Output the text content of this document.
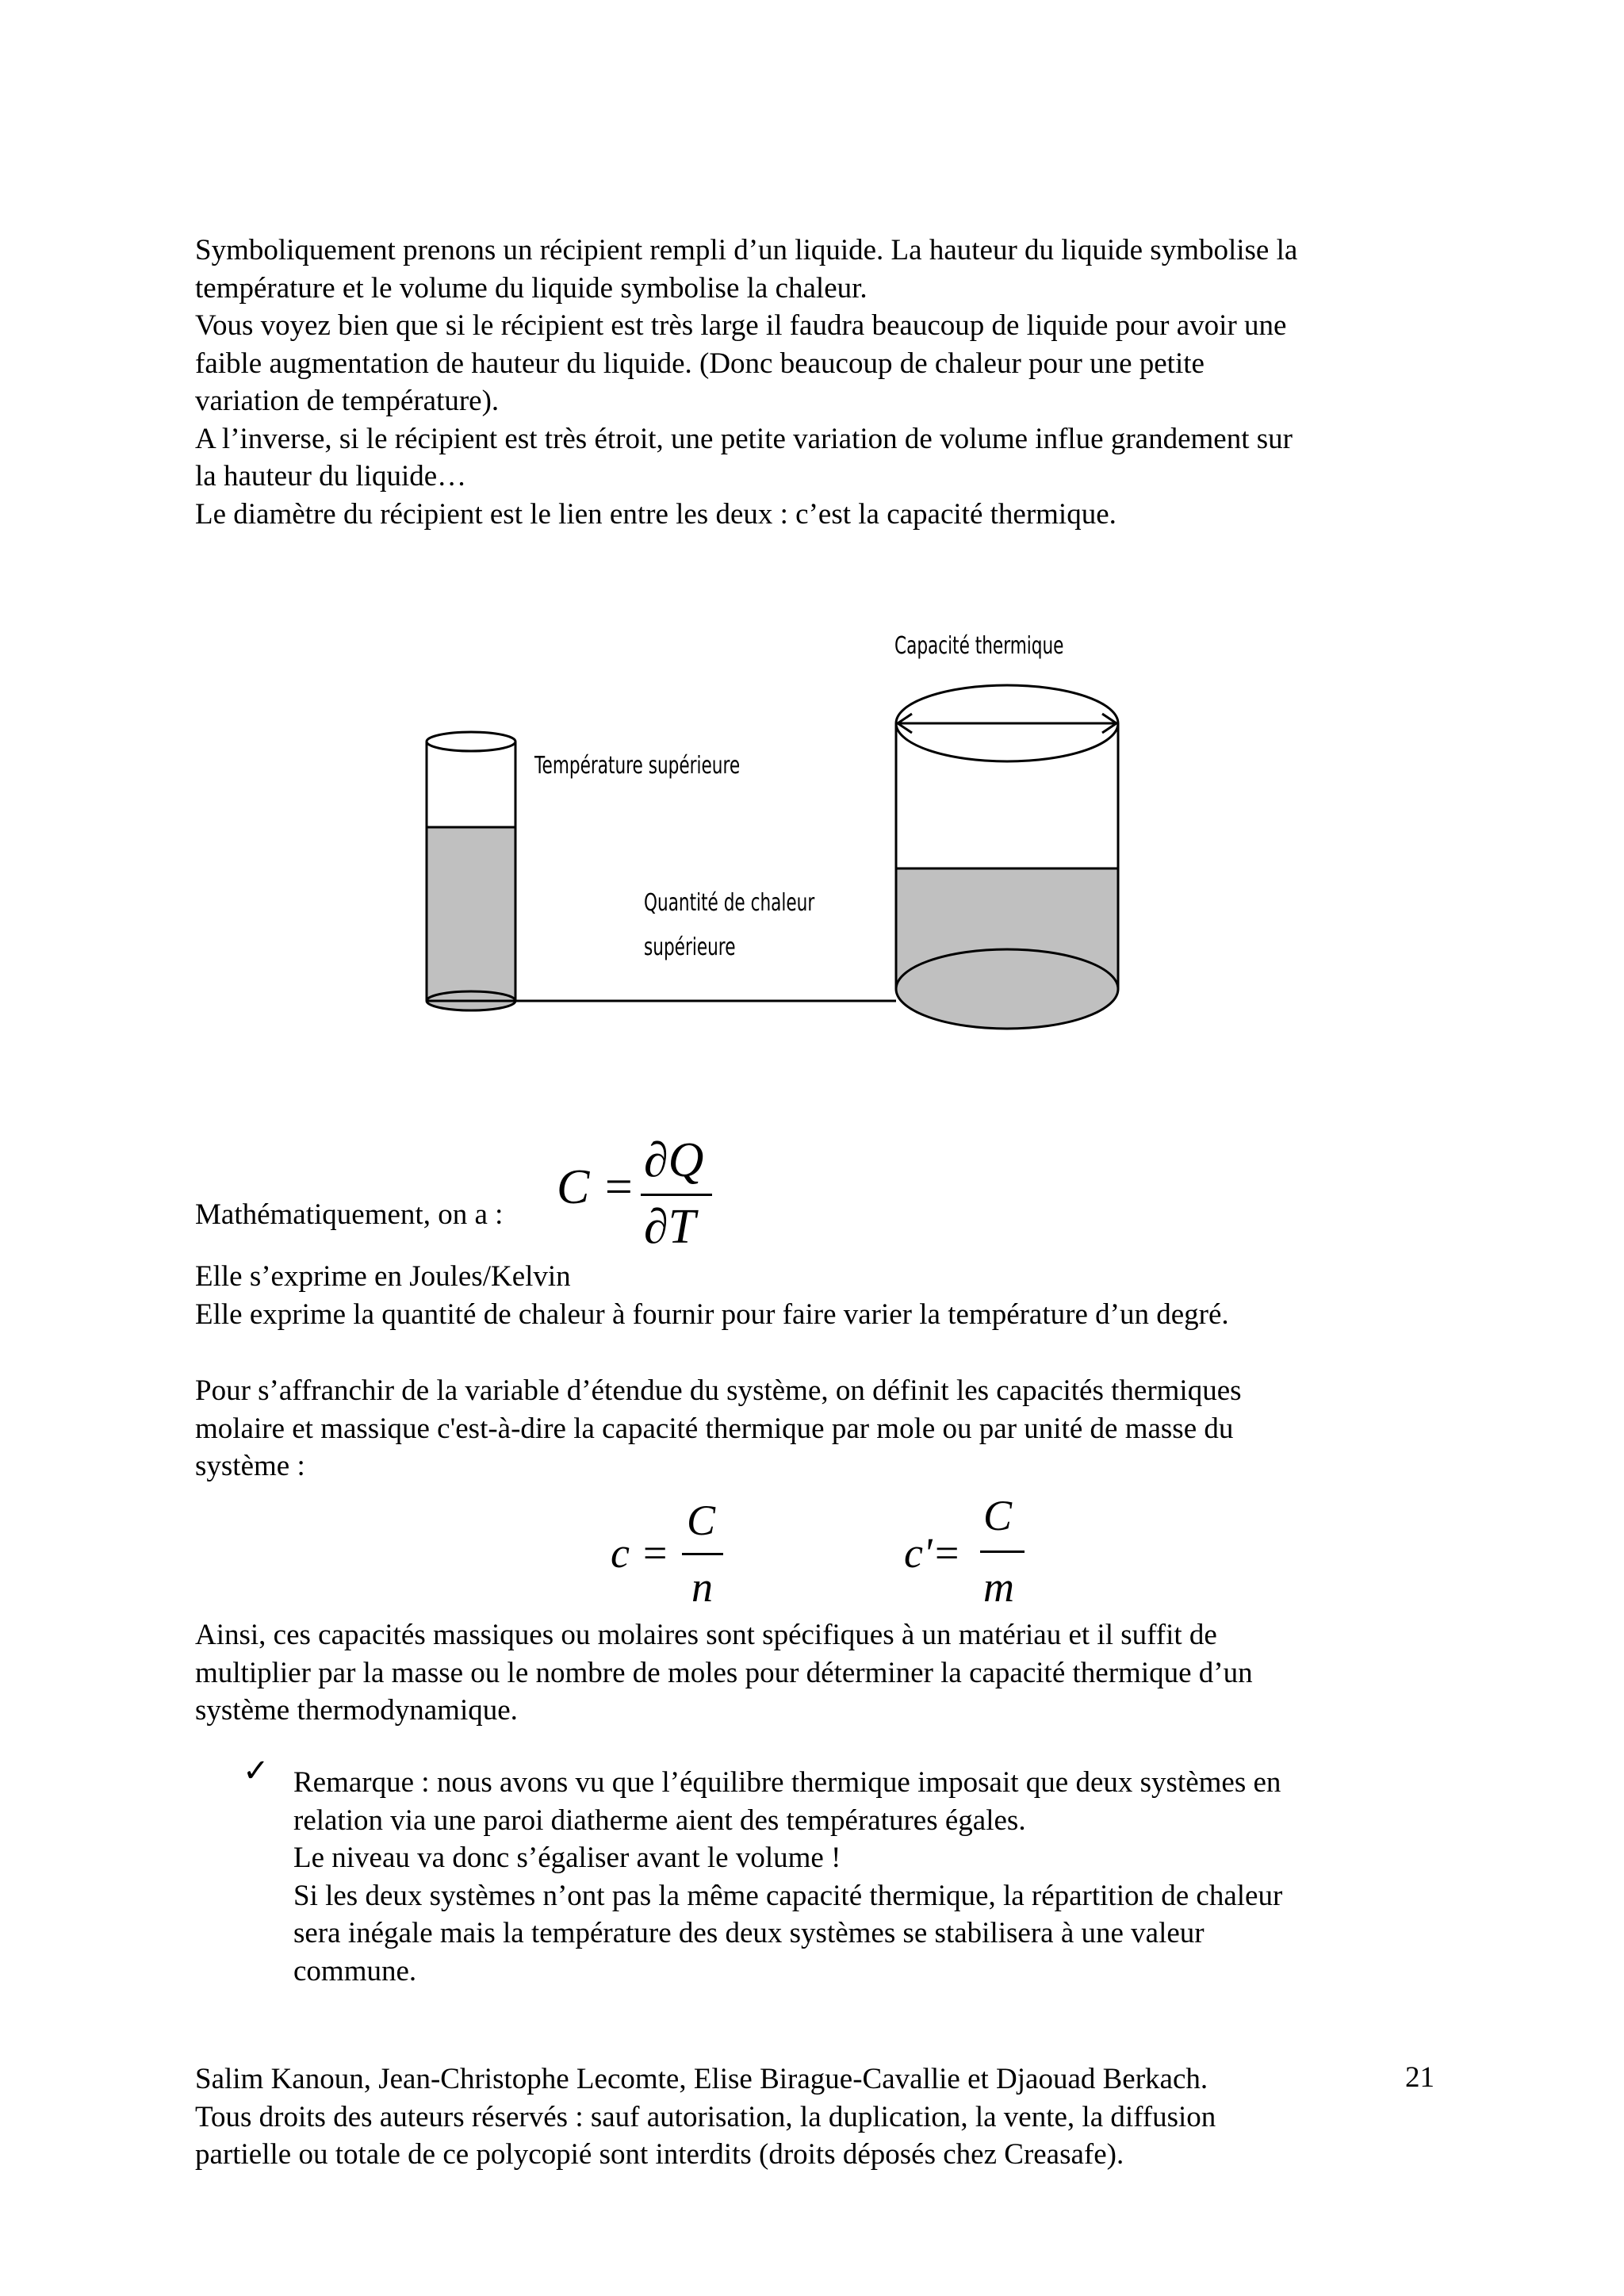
Symboliquement prenons un récipient rempli d’un liquide. La hauteur du liquide symbolise la
température et le volume du liquide symbolise la chaleur.
Vous voyez bien que si le récipient est très large il faudra beaucoup de liquide pour avoir une
faible augmentation de hauteur du liquide. (Donc beaucoup de chaleur pour une petite
variation de température).
A l’inverse, si le récipient est très étroit, une petite variation de volume influe grandement sur
la hauteur du liquide…
Le diamètre du récipient est le lien entre les deux : c’est la capacité thermique.
Capacité thermique
Température supérieure
Quantité de chaleur
supérieure
Mathématiquement, on a :
C = ∂Q
∂T
Elle s’exprime en Joules/Kelvin
Elle exprime la quantité de chaleur à fournir pour faire varier la température d’un degré.
Pour s’affranchir de la variable d’étendue du système, on définit les capacités thermiques
molaire et massique c'est-à-dire la capacité thermique par mole ou par unité de masse du
système :
c =
C
n
c'=
C
m
Ainsi, ces capacités massiques ou molaires sont spécifiques à un matériau et il suffit de
multiplier par la masse ou le nombre de moles pour déterminer la capacité thermique d’un
système thermodynamique.
✓ Remarque : nous avons vu que l’équilibre thermique imposait que deux systèmes en
relation via une paroi diatherme aient des températures égales.
Le niveau va donc s’égaliser avant le volume !
Si les deux systèmes n’ont pas la même capacité thermique, la répartition de chaleur
sera inégale mais la température des deux systèmes se stabilisera à une valeur
commune.
Salim Kanoun, Jean-Christophe Lecomte, Elise Birague-Cavallie et Djaouad Berkach.
Tous droits des auteurs réservés : sauf autorisation, la duplication, la vente, la diffusion
partielle ou totale de ce polycopié sont interdits (droits déposés chez Creasafe).
21
